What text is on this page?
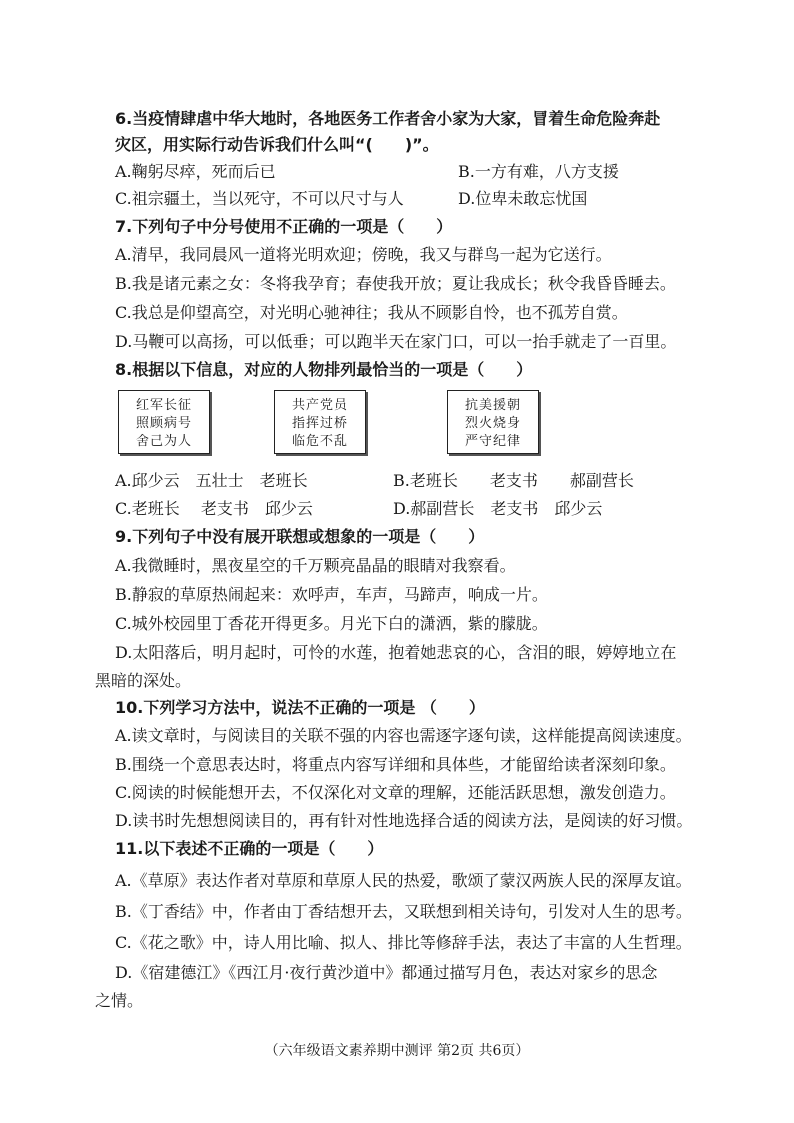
6.当疫情肆虐中华大地时，各地医务工作者舍小家为大家，冒着生命危险奔赴
灾区，用实际行动告诉我们什么叫“(　　)”。
A.鞠躬尽瘁，死而后已	B.一方有难，八方支援
C.祖宗疆土，当以死守，不可以尺寸与人	D.位卑未敢忘忧国
7.下列句子中分号使用不正确的一项是（　　）
A.清早，我同晨风一道将光明欢迎；傍晚，我又与群鸟一起为它送行。
B.我是诸元素之女：冬将我孕育；春使我开放；夏让我成长；秋令我昏昏睡去。
C.我总是仰望高空，对光明心驰神往；我从不顾影自怜，也不孤芳自赏。
D.马鞭可以高扬，可以低垂；可以跑半天在家门口，可以一抬手就走了一百里。
8.根据以下信息，对应的人物排列最恰当的一项是（　　）
红军长征
照顾病号
舍己为人
共产党员
指挥过桥
临危不乱
抗美援朝
烈火烧身
严守纪律
A.邱少云　五壮士　老班长	B.老班长　　老支书　　郝副营长
C.老班长　 老支书　邱少云	D.郝副营长　老支书　邱少云
9.下列句子中没有展开联想或想象的一项是（　　）
A.我微睡时，黑夜星空的千万颗亮晶晶的眼睛对我察看。
B.静寂的草原热闹起来：欢呼声，车声，马蹄声，响成一片。
C.城外校园里丁香花开得更多。月光下白的潇洒，紫的朦胧。
D.太阳落后，明月起时，可怜的水莲，抱着她悲哀的心，含泪的眼，婷婷地立在
黑暗的深处。
10.下列学习方法中，说法不正确的一项是 （　　）
A.读文章时，与阅读目的关联不强的内容也需逐字逐句读，这样能提高阅读速度。
B.围绕一个意思表达时，将重点内容写详细和具体些，才能留给读者深刻印象。
C.阅读的时候能想开去，不仅深化对文章的理解，还能活跃思想，激发创造力。
D.读书时先想想阅读目的，再有针对性地选择合适的阅读方法，是阅读的好习惯。
11.以下表述不正确的一项是（　　）
A.《草原》表达作者对草原和草原人民的热爱，歌颂了蒙汉两族人民的深厚友谊。
B.《丁香结》中，作者由丁香结想开去，又联想到相关诗句，引发对人生的思考。
C.《花之歌》中，诗人用比喻、拟人、排比等修辞手法，表达了丰富的人生哲理。
D.《宿建德江》《西江月·夜行黄沙道中》都通过描写月色，表达对家乡的思念
之情。
（六年级语文素养期中测评 第2页 共6页）
